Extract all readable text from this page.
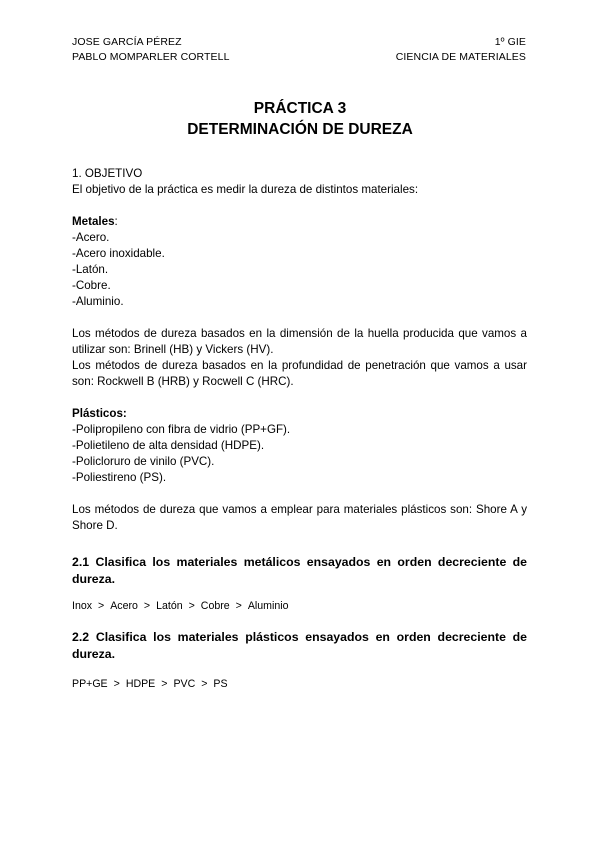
JOSE GARCÍA PÉREZ
PABLO MOMPARLER CORTELL
1º GIE
CIENCIA DE MATERIALES
PRÁCTICA 3
DETERMINACIÓN DE DUREZA

1. OBJETIVO

El objetivo de la práctica es medir la dureza de distintos materiales:

Metales:

-Acero.

-Acero inoxidable.

-Latón.

-Cobre.

-Aluminio.

Los métodos de dureza basados en la dimensión de la huella producida que vamos a utilizar son: Brinell (HB) y Vickers (HV).

Los métodos de dureza basados en la profundidad de penetración que vamos a usar son: Rockwell B (HRB) y Rocwell C (HRC).

Plásticos:

-Polipropileno con fibra de vidrio (PP+GF).

-Polietileno de alta densidad (HDPE).

-Policloruro de vinilo (PVC).

-Poliestireno (PS).

Los métodos de dureza que vamos a emplear para materiales plásticos son: Shore A y Shore D.

2.1 Clasifica los materiales metálicos ensayados en orden decreciente de dureza.

Inox > Acero > Latón > Cobre > Aluminio

2.2 Clasifica los materiales plásticos ensayados en orden decreciente de dureza.

PP+GE > HDPE > PVC > PS
